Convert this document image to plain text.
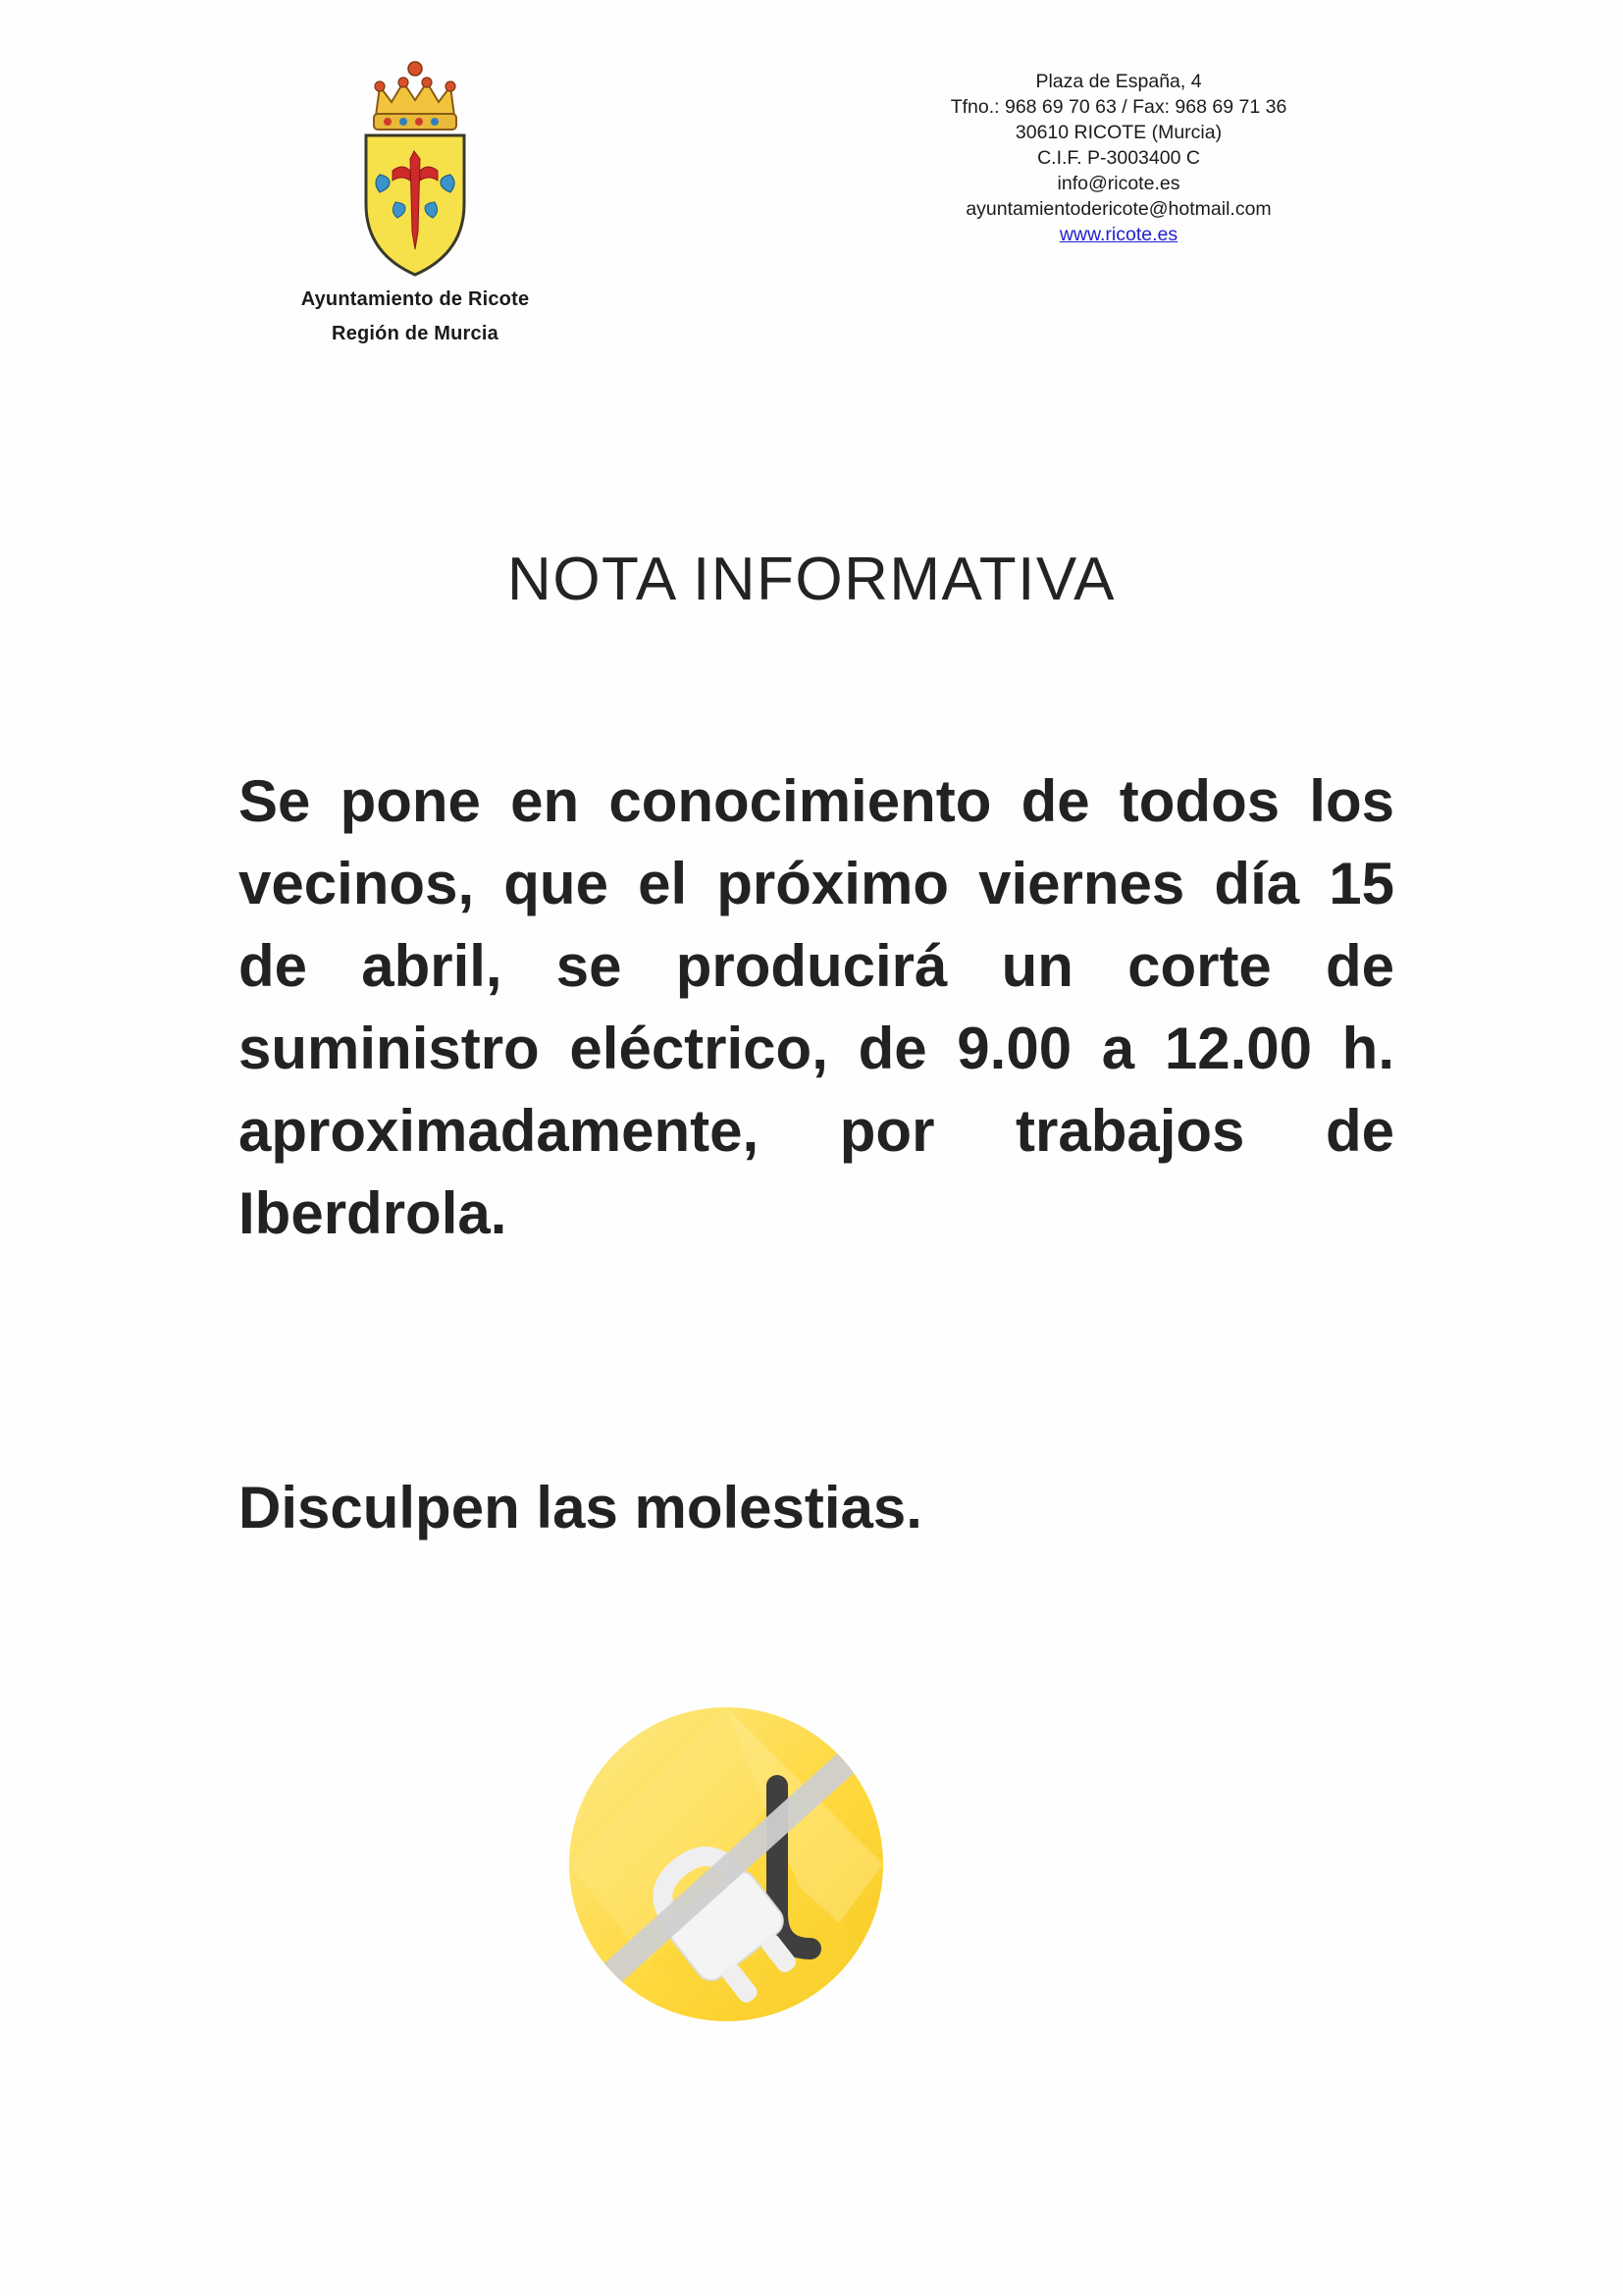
Ayuntamiento de Ricote
Región de Murcia
Plaza de España, 4
Tfno.: 968 69 70 63 / Fax: 968 69 71 36
30610 RICOTE (Murcia)
C.I.F. P-3003400 C
info@ricote.es
ayuntamientodericote@hotmail.com
www.ricote.es
NOTA INFORMATIVA

Se pone en conocimiento de todos los vecinos, que el próximo viernes día 15 de abril, se producirá un corte de suministro eléctrico, de 9.00 a 12.00 h. aproximadamente, por trabajos de Iberdrola.

Disculpen las molestias.
